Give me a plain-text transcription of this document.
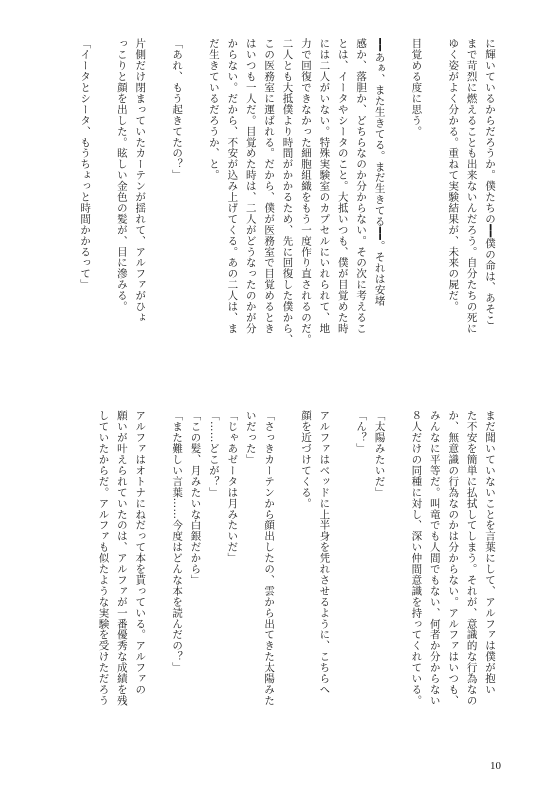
に輝いているからだろうか。僕たちの━━僕の命は、あそこ
まで苛烈に燃えることも出来ないんだろう。自分たちの死に
ゆく姿がよく分かる。重ねて実験結果が、未来の屍だ。

目覚める度に思う。

━━あぁ、また生きてる。まだ生きてる━━。それは安堵
感か、落胆か、どちらなのか分からない。その次に考えるこ
とは、イータやシータのこと。大抵いつも、僕が目覚めた時
には二人がいない。特殊実験室のカプセルにいれられて、地
力で回復できなかった細胞組織をもう一度作り直されるのだ。
二人とも大抵僕より時間がかかるため、先に回復した僕から、
この医務室に運ばれる。だから、僕が医務室で目覚めるとき
はいつも一人だ。目覚めた時は、二人がどうなったのかが分
からない。だから、不安が込み上げてくる。あの二人は、ま
だ生きているだろうか、と。

「あれ、もう起きてたの？」

片側だけ閉まっていたカーテンが揺れて、アルファがひょ
っこりと顔を出した。眩しい金色の髪が、目に滲みる。

「イータとシータ、もうちょっと時間かかるって」
まだ聞いていないことを言葉にして、アルファは僕が抱い
た不安を簡単に払拭してしまう。それが、意識的な行為なの
か、無意識の行為なのかは分からない。アルファはいつも、
みんなに平等だ。叫竜でも人間でもない、何者か分からない
８人だけの同種に対し、深い仲間意識を持ってくれている。

「太陽みたいだ」
「ん？」

アルファはベッドに上半身を凭れさせるように、こちらへ
顔を近づけてくる。

「さっきカーテンから顔出したの、雲から出てきた太陽みた
いだった」
「じゃあゼータは月みたいだ」
「……どこが？」
「この髪、月みたいな白銀だから」
「また難しい言葉……今度はどんな本を読んだの？」

アルファはオトナにねだって本を貰っている。アルファの
願いが叶えられていたのは、アルファが一番優秀な成績を残
していたからだ。アルファも似たような実験を受けただろう
10
